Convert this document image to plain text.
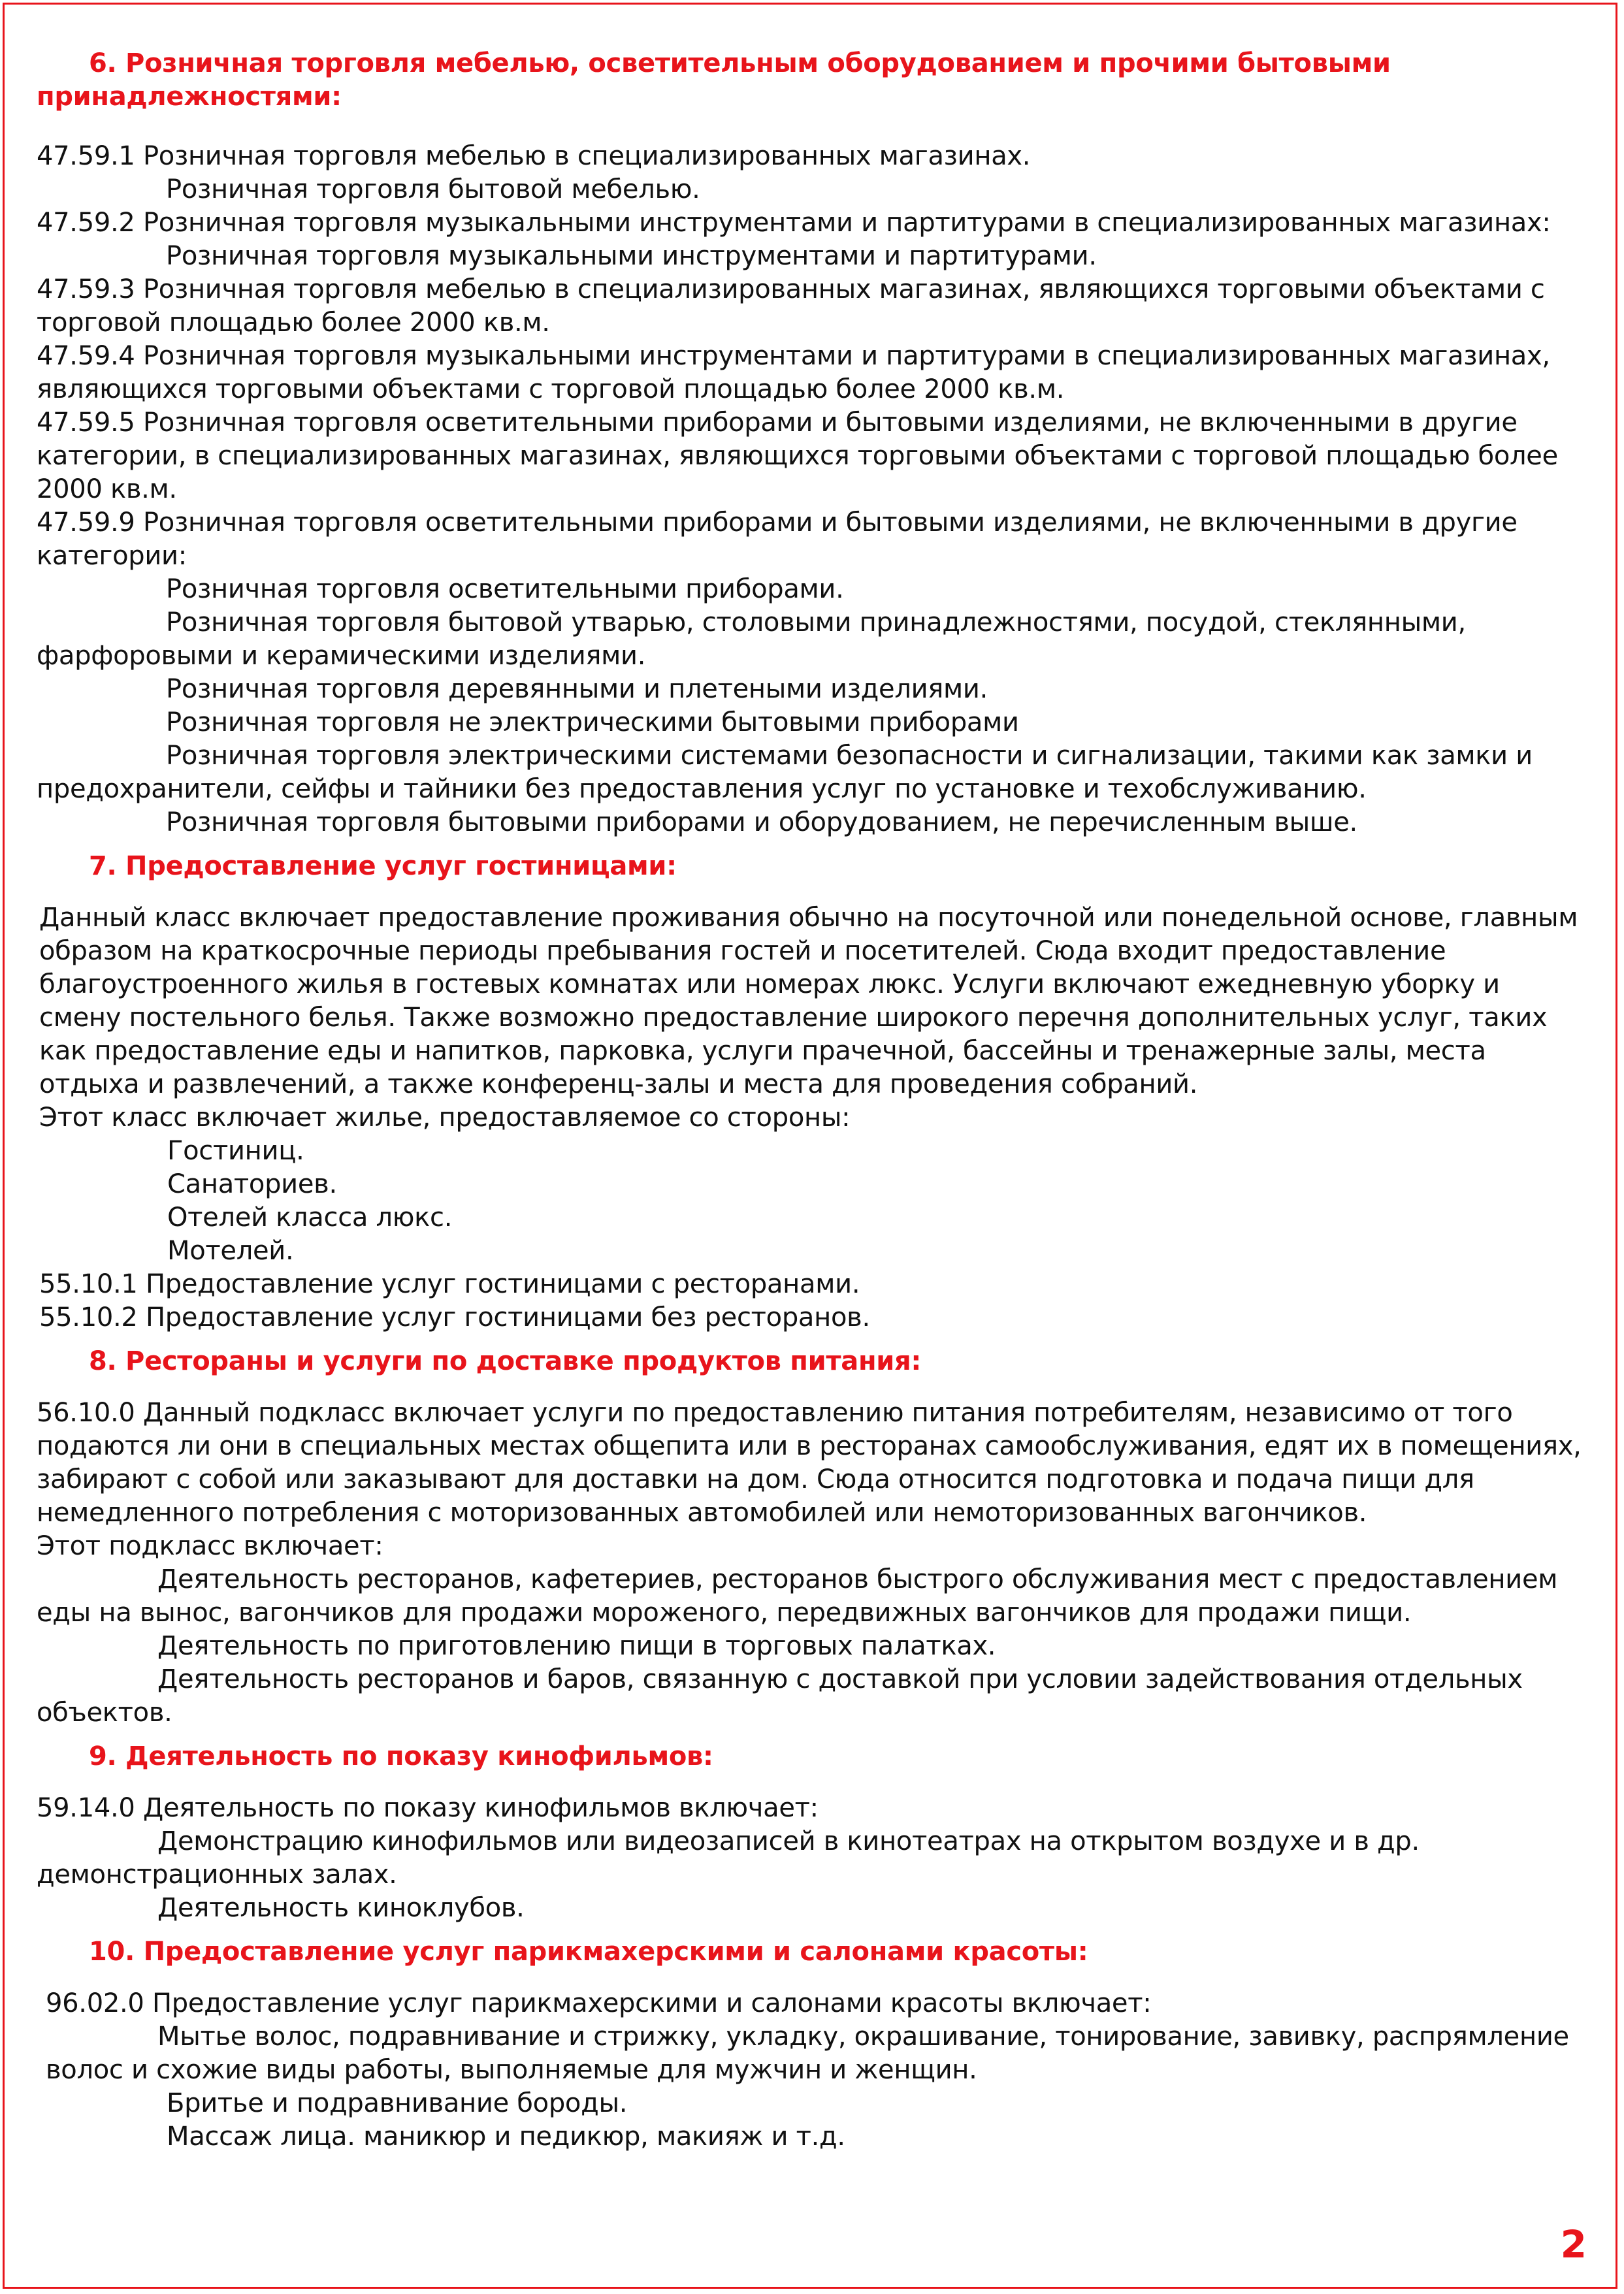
6. Розничная торговля мебелью, осветительным оборудованием и прочими бытовыми принадлежностями:
47.59.1 Розничная торговля мебелью в специализированных магазинах.
Розничная торговля бытовой мебелью.
47.59.2 Розничная торговля музыкальными инструментами и партитурами в специализированных магазинах:
Розничная торговля музыкальными инструментами и партитурами.
47.59.3 Розничная торговля мебелью в специализированных магазинах, являющихся торговыми объектами с торговой площадью более 2000 кв.м.
47.59.4 Розничная торговля музыкальными инструментами и партитурами в специализированных магазинах, являющихся торговыми объектами с торговой площадью более 2000 кв.м.
47.59.5 Розничная торговля осветительными приборами и бытовыми изделиями, не включенными в другие категории, в специализированных магазинах, являющихся торговыми объектами с торговой площадью более 2000 кв.м.
47.59.9 Розничная торговля осветительными приборами и бытовыми изделиями, не включенными в другие категории:
Розничная торговля осветительными приборами.
Розничная торговля бытовой утварью, столовыми принадлежностями, посудой, стеклянными, фарфоровыми и керамическими изделиями.
Розничная торговля деревянными и плетеными изделиями.
Розничная торговля не электрическими бытовыми приборами
Розничная торговля электрическими системами безопасности и сигнализации, такими как замки и предохранители, сейфы и тайники без предоставления услуг по установке и техобслуживанию.
Розничная торговля бытовыми приборами и оборудованием, не перечисленным выше.
7. Предоставление услуг гостиницами:
Данный класс включает предоставление проживания обычно на посуточной или понедельной основе, главным образом на краткосрочные периоды пребывания гостей и посетителей. Сюда входит предоставление благоустроенного жилья в гостевых комнатах или номерах люкс. Услуги включают ежедневную уборку и смену постельного белья. Также возможно предоставление широкого перечня дополнительных услуг, таких как предоставление еды и напитков, парковка, услуги прачечной, бассейны и тренажерные залы, места отдыха и развлечений, а также конференц-залы и места для проведения собраний.
Этот класс включает жилье, предоставляемое со стороны:
Гостиниц.
Санаториев.
Отелей класса люкс.
Мотелей.
55.10.1 Предоставление услуг гостиницами с ресторанами.
55.10.2 Предоставление услуг гостиницами без ресторанов.
8. Рестораны и услуги по доставке продуктов питания:
56.10.0 Данный подкласс включает услуги по предоставлению питания потребителям, независимо от того подаются ли они в специальных местах общепита или в ресторанах самообслуживания, едят их в помещениях, забирают с собой или заказывают для доставки на дом. Сюда относится подготовка и подача пищи для немедленного потребления с моторизованных автомобилей или немоторизованных вагончиков.
Этот подкласс включает:
Деятельность ресторанов, кафетериев, ресторанов быстрого обслуживания мест с предоставлением еды на вынос, вагончиков для продажи мороженого, передвижных вагончиков для продажи пищи.
Деятельность по приготовлению пищи в торговых палатках.
Деятельность ресторанов и баров, связанную с доставкой при условии задействования отдельных объектов.
9. Деятельность по показу кинофильмов:
59.14.0 Деятельность по показу кинофильмов включает:
Демонстрацию кинофильмов или видеозаписей в кинотеатрах на открытом воздухе и в др. демонстрационных залах.
Деятельность киноклубов.
10. Предоставление услуг парикмахерскими и салонами красоты:
96.02.0 Предоставление услуг парикмахерскими и салонами красоты включает:
Мытье волос, подравнивание и стрижку, укладку, окрашивание, тонирование, завивку, распрямление волос и схожие виды работы, выполняемые для мужчин и женщин.
Бритье и подравнивание бороды.
Массаж лица. маникюр и педикюр, макияж и т.д.
2
